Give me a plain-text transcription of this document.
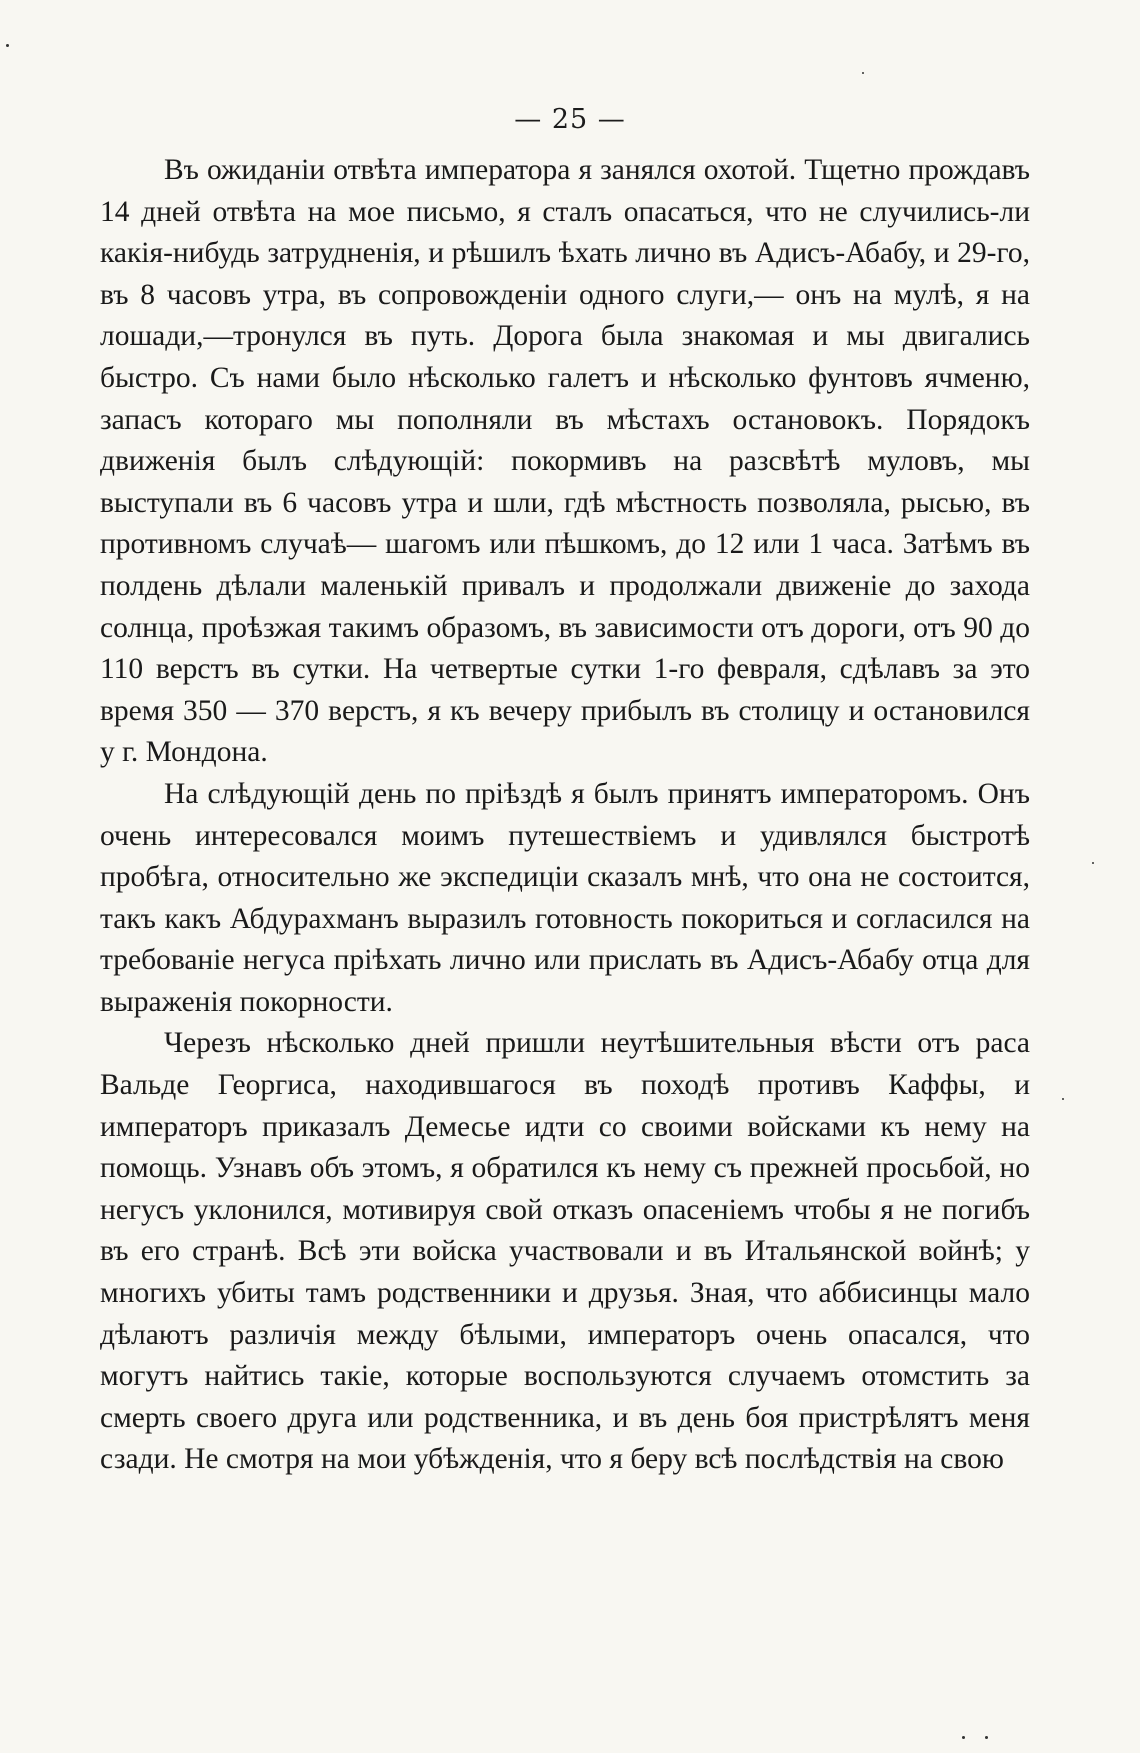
— 25 —

Въ ожиданіи отвѣта императора я занялся охотой. Тщетно прождавъ 14 дней отвѣта на мое письмо, я сталъ опасаться, что не случились-ли какія-нибудь затрудненія, и рѣшилъ ѣхать лично въ Адисъ-Абабу, и 29-го, въ 8 часовъ утра, въ сопровожденіи одного слуги,— онъ на мулѣ, я на лошади,—тронулся въ путь. Дорога была знакомая и мы двигались быстро. Съ нами было нѣсколько галетъ и нѣсколько фунтовъ ячменю, запасъ котораго мы пополняли въ мѣстахъ остановокъ. Порядокъ движенія былъ слѣдующій: покормивъ на разсвѣтѣ муловъ, мы выступали въ 6 часовъ утра и шли, гдѣ мѣстность позволяла, рысью, въ противномъ случаѣ— шагомъ или пѣшкомъ, до 12 или 1 часа. Затѣмъ въ полдень дѣлали маленькій привалъ и продолжали движеніе до захода солнца, проѣзжая такимъ образомъ, въ зависимости отъ дороги, отъ 90 до 110 верстъ въ сутки. На четвертые сутки 1-го февраля, сдѣлавъ за это время 350 — 370 верстъ, я къ вечеру прибылъ въ столицу и остановился у г. Мондона.

На слѣдующій день по пріѣздѣ я былъ принятъ императоромъ. Онъ очень интересовался моимъ путешествіемъ и удивлялся быстротѣ пробѣга, относительно же экспедиціи сказалъ мнѣ, что она не состоится, такъ какъ Абдурахманъ выразилъ готовность покориться и согласился на требованіе негуса пріѣхать лично или прислать въ Адисъ-Абабу отца для выраженія покорности.

Черезъ нѣсколько дней пришли неутѣшительныя вѣсти отъ раса Вальде Георгиса, находившагося въ походѣ противъ Каффы, и императоръ приказалъ Демесье идти со своими войсками къ нему на помощь. Узнавъ объ этомъ, я обратился къ нему съ прежней просьбой, но негусъ уклонился, мотивируя свой отказъ опасеніемъ чтобы я не погибъ въ его странѣ. Всѣ эти войска участвовали и въ Итальянской войнѣ; у многихъ убиты тамъ родственники и друзья. Зная, что аббисинцы мало дѣлаютъ различія между бѣлыми, императоръ очень опасался, что могутъ найтись такіе, которые воспользуются случаемъ отомстить за смерть своего друга или родственника, и въ день боя пристрѣлятъ меня сзади. Не смотря на мои убѣжденія, что я беру всѣ послѣдствія на свою
